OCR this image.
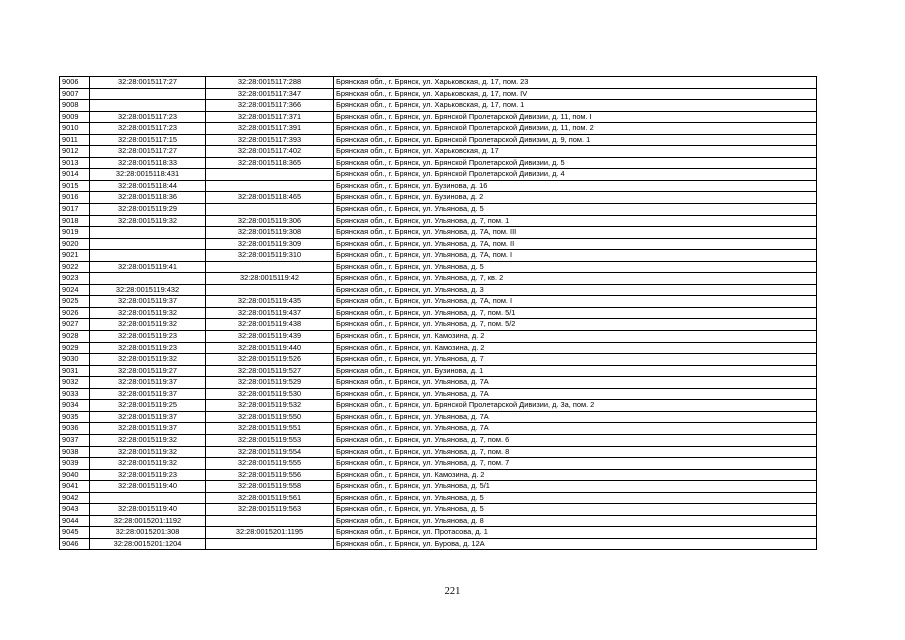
9006	32:28:0015117:27	32:28:0015117:288	Брянская обл., г. Брянск, ул. Харьковская, д. 17, пом. 23
9007		32:28:0015117:347	Брянская обл., г. Брянск, ул. Харьковская, д. 17, пом. IV
9008		32:28:0015117:366	Брянская обл., г. Брянск, ул. Харьковская, д. 17, пом. 1
9009	32:28:0015117:23	32:28:0015117:371	Брянская обл., г. Брянск, ул. Брянской Пролетарской Дивизии, д. 11, пом. I
9010	32:28:0015117:23	32:28:0015117:391	Брянская обл., г. Брянск, ул. Брянской Пролетарской Дивизии, д. 11, пом. 2
9011	32:28:0015117:15	32:28:0015117:393	Брянская обл., г. Брянск, ул. Брянской Пролетарской Дивизии, д. 9, пом. 1
9012	32:28:0015117:27	32:28:0015117:402	Брянская обл., г. Брянск, ул. Харьковская, д. 17
9013	32:28:0015118:33	32:28:0015118:365	Брянская обл., г. Брянск, ул. Брянской Пролетарской Дивизии, д. 5
9014	32:28:0015118:431		Брянская обл., г. Брянск, ул. Брянской Пролетарской Дивизии, д. 4
9015	32:28:0015118:44		Брянская обл., г. Брянск, ул. Бузинова, д. 16
9016	32:28:0015118:36	32:28:0015118:465	Брянская обл., г. Брянск, ул. Бузинова, д. 2
9017	32:28:0015119:29		Брянская обл., г. Брянск, ул. Ульянова, д. 5
9018	32:28:0015119:32	32:28:0015119:306	Брянская обл., г. Брянск, ул. Ульянова, д. 7, пом. 1
9019		32:28:0015119:308	Брянская обл., г. Брянск, ул. Ульянова, д. 7А, пом. III
9020		32:28:0015119:309	Брянская обл., г. Брянск, ул. Ульянова, д. 7А, пом. II
9021		32:28:0015119:310	Брянская обл., г. Брянск, ул. Ульянова, д. 7А, пом. I
9022	32:28:0015119:41		Брянская обл., г. Брянск, ул. Ульянова, д. 5
9023		32:28:0015119:42	Брянская обл., г. Брянск, ул. Ульянова, д. 7, кв. 2
9024	32:28:0015119:432		Брянская обл., г. Брянск, ул. Ульянова, д. 3
9025	32:28:0015119:37	32:28:0015119:435	Брянская обл., г. Брянск, ул. Ульянова, д. 7А, пом. I
9026	32:28:0015119:32	32:28:0015119:437	Брянская обл., г. Брянск, ул. Ульянова, д. 7, пом. 5/1
9027	32:28:0015119:32	32:28:0015119:438	Брянская обл., г. Брянск, ул. Ульянова, д. 7, пом. 5/2
9028	32:28:0015119:23	32:28:0015119:439	Брянская обл., г. Брянск, ул. Камозина, д. 2
9029	32:28:0015119:23	32:28:0015119:440	Брянская обл., г. Брянск, ул. Камозина, д. 2
9030	32:28:0015119:32	32:28:0015119:526	Брянская обл., г. Брянск, ул. Ульянова, д. 7
9031	32:28:0015119:27	32:28:0015119:527	Брянская обл., г. Брянск, ул. Бузинова, д. 1
9032	32:28:0015119:37	32:28:0015119:529	Брянская обл., г. Брянск, ул. Ульянова, д. 7А
9033	32:28:0015119:37	32:28:0015119:530	Брянская обл., г. Брянск, ул. Ульянова, д. 7А
9034	32:28:0015119:25	32:28:0015119:532	Брянская обл., г. Брянск, ул. Брянской Пролетарской Дивизии, д. 3а, пом. 2
9035	32:28:0015119:37	32:28:0015119:550	Брянская обл., г. Брянск, ул. Ульянова, д. 7А
9036	32:28:0015119:37	32:28:0015119:551	Брянская обл., г. Брянск, ул. Ульянова, д. 7А
9037	32:28:0015119:32	32:28:0015119:553	Брянская обл., г. Брянск, ул. Ульянова, д. 7, пом. 6
9038	32:28:0015119:32	32:28:0015119:554	Брянская обл., г. Брянск, ул. Ульянова, д. 7, пом. 8
9039	32:28:0015119:32	32:28:0015119:555	Брянская обл., г. Брянск, ул. Ульянова, д. 7, пом. 7
9040	32:28:0015119:23	32:28:0015119:556	Брянская обл., г. Брянск, ул. Камозина, д. 2
9041	32:28:0015119:40	32:28:0015119:558	Брянская обл., г. Брянск, ул. Ульянова, д. 5/1
9042		32:28:0015119:561	Брянская обл., г. Брянск, ул. Ульянова, д. 5
9043	32:28:0015119:40	32:28:0015119:563	Брянская обл., г. Брянск, ул. Ульянова, д. 5
9044	32:28:0015201:1192		Брянская обл., г. Брянск, ул. Ульянова, д. 8
9045	32:28:0015201:308	32:28:0015201:1195	Брянская обл., г. Брянск, ул. Протасова, д. 1
9046	32:28:0015201:1204		Брянская обл., г. Брянск, ул. Бурова, д. 12А
221
